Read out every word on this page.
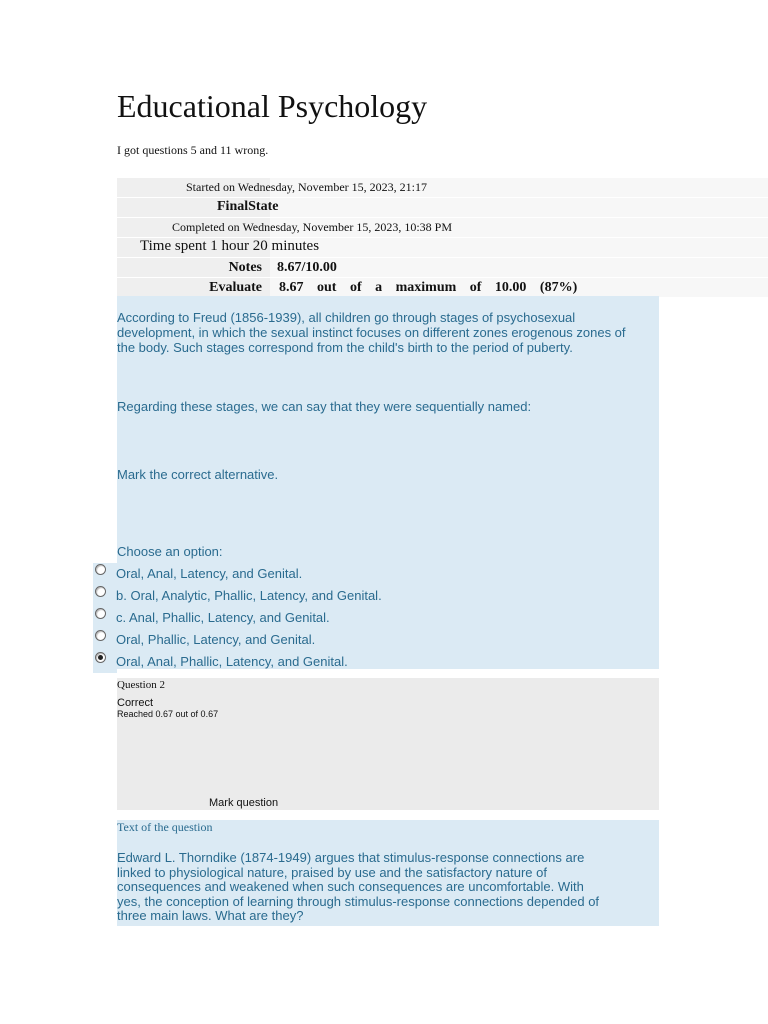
Educational Psychology
I got questions 5 and 11 wrong.
Started on Wednesday, November 15, 2023, 21:17
FinalState
Completed on Wednesday, November 15, 2023, 10:38 PM
Time spent 1 hour 20 minutes
Notes 8.67/10.00
Evaluate 8.67 out of a maximum of 10.00 (87%)

According to Freud (1856-1939), all children go through stages of psychosexual development, in which the sexual instinct focuses on different zones erogenous zones of the body. Such stages correspond from the child's birth to the period of puberty.

Regarding these stages, we can say that they were sequentially named:

Mark the correct alternative.

Choose an option:

Oral, Anal, Latency, and Genital.
b. Oral, Analytic, Phallic, Latency, and Genital.
c. Anal, Phallic, Latency, and Genital.
Oral, Phallic, Latency, and Genital.
Oral, Anal, Phallic, Latency, and Genital.
Question 2
Correct
Reached 0.67 out of 0.67
Mark question
Text of the question

Edward L. Thorndike (1874-1949) argues that stimulus-response connections are linked to physiological nature, praised by use and the satisfactory nature of consequences and weakened when such consequences are uncomfortable. With yes, the conception of learning through stimulus-response connections depended of three main laws. What are they?
